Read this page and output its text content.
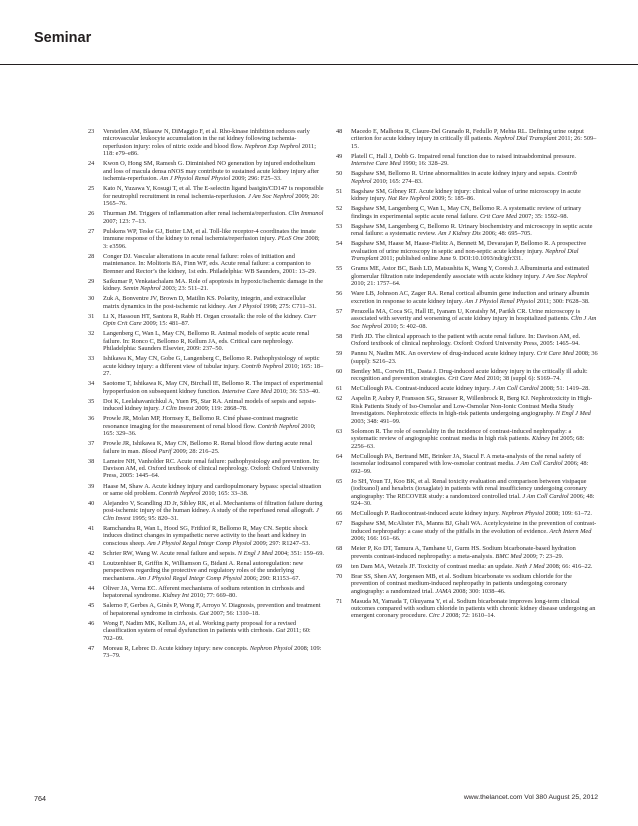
Seminar
23 Versteilen AM, Blaauw N, DiMaggio F, et al. Rho-kinase inhibition reduces early microvascular leukocyte accumulation in the rat kidney following ischemia-reperfusion injury: roles of nitric oxide and blood flow. Nephron Exp Nephrol 2011; 118: e79–e86.
24 Kwon O, Hong SM, Ramesh G. Diminished NO generation by injured endothelium and loss of macula densa nNOS may contribute to sustained acute kidney injury after ischemia-reperfusion. Am J Physiol Renal Physiol 2009; 296: F25–33.
25 Kato N, Yuzawa Y, Kosugi T, et al. The E-selectin ligand basigin/CD147 is responsible for neutrophil recruitment in renal ischemia-reperfusion. J Am Soc Nephrol 2009; 20: 1565–76.
26 Thurman JM. Triggers of inflammation after renal ischemia/reperfusion. Clin Immunol 2007; 123: 7–13.
27 Pulskens WP, Teske GJ, Butter LM, et al. Toll-like receptor-4 coordinates the innate immune response of the kidney to renal ischemia/reperfusion injury. PLoS One 2008; 3: e3596.
28 Conger DJ. Vascular alterations in acute renal failure: roles of initiation and maintenance. In: Molitoris BA, Finn WF, eds. Acute renal failure: a companion to Brenner and Rector’s the kidney, 1st edn. Philadelphia: WB Saunders, 2001: 13–29.
29 Saikumar P, Venkatachalam MA. Role of apoptosis in hypoxic/ischemic damage in the kidney. Semin Nephrol 2003; 23: 511–21.
30 Zuk A, Bonventre JV, Brown D, Matilin KS. Polarity, integrin, and extracellular matrix dynamics in the post-ischemic rat kidney. Am J Physiol 1998; 275: C711–31.
31 Li X, Hassoun HT, Santora R, Rabb H. Organ crosstalk: the role of the kidney. Curr Opin Crit Care 2009; 15: 481–87.
32 Langenberg C, Wan L, May CN, Bellomo R. Animal models of septic acute renal failure. In: Ronco C, Bellomo R, Kellum JA, eds. Critical care nephrology. Philadelphia: Saunders Elsevier, 2009: 237–50.
33 Ishikawa K, May CN, Gobe G, Langenberg C, Bellomo R. Pathophysiology of septic acute kidney injury: a different view of tubular injury. Contrib Nephrol 2010; 165: 18–27.
34 Saotome T, Ishikawa K, May CN, Birchall IE, Bellomo R. The impact of experimental hypoperfusion on subsequent kidney function. Intensive Care Med 2010; 36: 533–40.
35 Doi K, Leelahavanichkul A, Yuen PS, Star RA. Animal models of sepsis and sepsis-induced kidney injury. J Clin Invest 2009; 119: 2868–78.
36 Prowle JR, Molan MP, Hornsey E, Bellomo R. Ciné phase-contrast magnetic resonance imaging for the measurement of renal blood flow. Contrib Nephrol 2010; 165: 329–36.
37 Prowle JR, Ishikawa K, May CN, Bellomo R. Renal blood flow during acute renal failure in man. Blood Purif 2009; 28: 216–25.
38 Lameire NH, Vanholder RC. Acute renal failure: pathophysiology and prevention. In: Davison AM, ed. Oxford textbook of clinical nephrology. Oxford: Oxford University Press, 2005: 1445–64.
39 Haase M, Shaw A. Acute kidney injury and cardiopulmonary bypass: special situation or same old problem. Contrib Nephrol 2010; 165: 33–38.
40 Alejandro V, Scandling JD Jr, Sibley RK, et al. Mechanisms of filtration failure during post-ischemic injury of the human kidney. A study of the reperfused renal allograft. J Clin Invest 1995; 95: 820–31.
41 Ramchandra R, Wan L, Hood SG, Frithiof R, Bellomo R, May CN. Septic shock induces distinct changes in sympathetic nerve activity to the heart and kidney in conscious sheep. Am J Physiol Regul Integr Comp Physiol 2009; 297: R1247–53.
42 Schrier RW, Wang W. Acute renal failure and sepsis. N Engl J Med 2004; 351: 159–69.
43 Loutzenhiser R, Griffin K, Williamson G, Bidani A. Renal autoregulation: new perspectives regarding the protective and regulatory roles of the underlying mechanisms. Am J Physiol Regul Integr Comp Physiol 2006; 290: R1153–67.
44 Oliver JA, Verna EC. Afferent mechanisms of sodium retention in cirrhosis and hepatorenal syndrome. Kidney Int 2010; 77: 669–80.
45 Salerno F, Gerbes A, Ginès P, Wong F, Arroyo V. Diagnosis, prevention and treatment of hepatorenal syndrome in cirrhosis. Gut 2007; 56: 1310–18.
46 Wong F, Nadim MK, Kellum JA, et al. Working party proposal for a revised classification system of renal dysfunction in patients with cirrhosis. Gut 2011; 60: 702–09.
47 Moreau R, Lebrec D. Acute kidney injury: new concepts. Nephron Physiol 2008; 109: 73–79.
48 Macedo E, Malhotra R, Claure-Del Granado R, Fedullo P, Mehta RL. Defining urine output criterion for acute kidney injury in critically ill patients. Nephrol Dial Transplant 2011; 26: 509–15.
49 Platell C, Hall J, Dobb G. Impaired renal function due to raised intraabdominal pressure. Intensive Care Med 1990; 16: 328–29.
50 Bagshaw SM, Bellomo R. Urine abnormalities in acute kidney injury and sepsis. Contrib Nephrol 2010; 165: 274–83.
51 Bagshaw SM, Gibney RT. Acute kidney injury: clinical value of urine microscopy in acute kidney injury. Nat Rev Nephrol 2009; 5: 185–86.
52 Bagshaw SM, Langenberg C, Wan L, May CN, Bellomo R. A systematic review of urinary findings in experimental septic acute renal failure. Crit Care Med 2007; 35: 1592–98.
53 Bagshaw SM, Langenberg C, Bellomo R. Urinary biochemistry and microscopy in septic acute renal failure: a systematic review. Am J Kidney Dis 2006; 48: 695–705.
54 Bagshaw SM, Haase M, Haase-Fielitz A, Bennett M, Devarajan P, Bellomo R. A prospective evaluation of urine microscopy in septic and non-septic acute kidney injury. Nephrol Dial Transplant 2011; published online June 9. DOI:10.1093/ndt/gfr331.
55 Grams ME, Astor BC, Bash LD, Matsushita K, Wang Y, Coresh J. Albuminuria and estimated glomerular filtration rate independently associate with acute kidney injury. J Am Soc Nephrol 2010; 21: 1757–64.
56 Ware LB, Johnson AC, Zager RA. Renal cortical albumin gene induction and urinary albumin excretion in response to acute kidney injury. Am J Physiol Renal Physiol 2011; 300: F628–38.
57 Perazella MA, Coca SG, Hall IE, Iyanam U, Koraishy M, Parikh CR. Urine microscopy is associated with severity and worsening of acute kidney injury in hospitalized patients. Clin J Am Soc Nephrol 2010; 5: 402–08.
58 Firth JD. The clinical approach to the patient with acute renal failure. In: Davison AM, ed. Oxford textbook of clinical nephrology. Oxford: Oxford University Press, 2005: 1465–94.
59 Pannu N, Nadim MK. An overview of drug-induced acute kidney injury. Crit Care Med 2008; 36 (suppl): S216–23.
60 Bentley ML, Corwin HL, Dasta J. Drug-induced acute kidney injury in the critically ill adult: recognition and prevention strategies. Crit Care Med 2010; 38 (suppl 6): S169–74.
61 McCullough PA. Contrast-induced acute kidney injury. J Am Coll Cardiol 2008; 51: 1419–28.
62 Aspelin P, Aubry P, Fransson SG, Strasser R, Willenbrock R, Berg KJ. Nephrotoxicity in High-Risk Patients Study of Iso-Osmolar and Low-Osmolar Non-Ionic Contrast Media Study Investigators. Nephrotoxic effects in high-risk patients undergoing angiography. N Engl J Med 2003; 348: 491–99.
63 Solomon R. The role of osmolality in the incidence of contrast-induced nephropathy: a systematic review of angiographic contrast media in high risk patients. Kidney Int 2005; 68: 2256–63.
64 McCullough PA, Bertrand ME, Brinker JA, Stacul F. A meta-analysis of the renal safety of isosmolar iodixanol compared with low-osmolar contrast media. J Am Coll Cardiol 2006; 48: 692–99.
65 Jo SH, Youn TJ, Koo BK, et al. Renal toxicity evaluation and comparison between visipaque (iodixanol) and hexabrix (ioxaglate) in patients with renal insufficiency undergoing coronary angiography: The RECOVER study: a randomized controlled trial. J Am Coll Cardiol 2006; 48: 924–30.
66 McCullough P. Radiocontrast-induced acute kidney injury. Nephron Physiol 2008; 109: 61–72.
67 Bagshaw SM, McAlister FA, Manns BJ, Ghali WA. Acetylcysteine in the prevention of contrast-induced nephropathy: a case study of the pitfalls in the evolution of evidence. Arch Intern Med 2006; 166: 161–66.
68 Meier P, Ko DT, Tamura A, Tamhane U, Gurm HS. Sodium bicarbonate-based hydration prevents contrast-induced nephropathy: a meta-analysis. BMC Med 2009; 7: 23–29.
69 ten Dam MA, Wetzels JF. Toxicity of contrast media: an update. Neth J Med 2008; 66: 416–22.
70 Brar SS, Shen AY, Jorgensen MB, et al. Sodium bicarbonate vs sodium chloride for the prevention of contrast medium-induced nephropathy in patients undergoing coronary angiography: a randomized trial. JAMA 2008; 300: 1038–46.
71 Masuda M, Yamada T, Okuyama Y, et al. Sodium bicarbonate improves long-term clinical outcomes compared with sodium chloride in patients with chronic kidney disease undergoing an emergent coronary procedure. Circ J 2008; 72: 1610–14.
764	www.thelancet.com Vol 380 August 25, 2012
